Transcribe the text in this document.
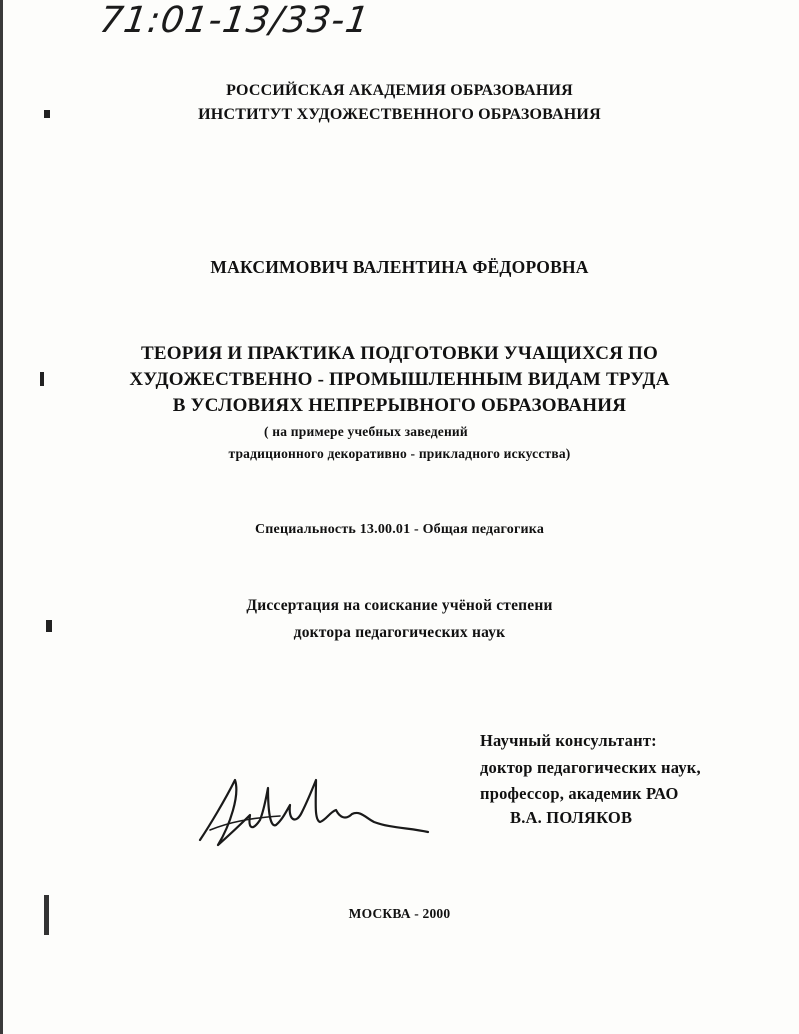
71:01-13/33-1
РОССИЙСКАЯ АКАДЕМИЯ ОБРАЗОВАНИЯ
ИНСТИТУТ ХУДОЖЕСТВЕННОГО ОБРАЗОВАНИЯ
МАКСИМОВИЧ ВАЛЕНТИНА ФЁДОРОВНА
ТЕОРИЯ И ПРАКТИКА ПОДГОТОВКИ УЧАЩИХСЯ ПО
ХУДОЖЕСТВЕННО - ПРОМЫШЛЕННЫМ ВИДАМ ТРУДА
В УСЛОВИЯХ НЕПРЕРЫВНОГО ОБРАЗОВАНИЯ
( на примере учебных заведений
традиционного декоративно - прикладного искусства)
Специальность 13.00.01 - Общая педагогика
Диссертация на соискание учёной степени
доктора педагогических наук
Научный консультант:
доктор педагогических наук,
профессор, академик РАО
В.А. ПОЛЯКОВ
МОСКВА - 2000
